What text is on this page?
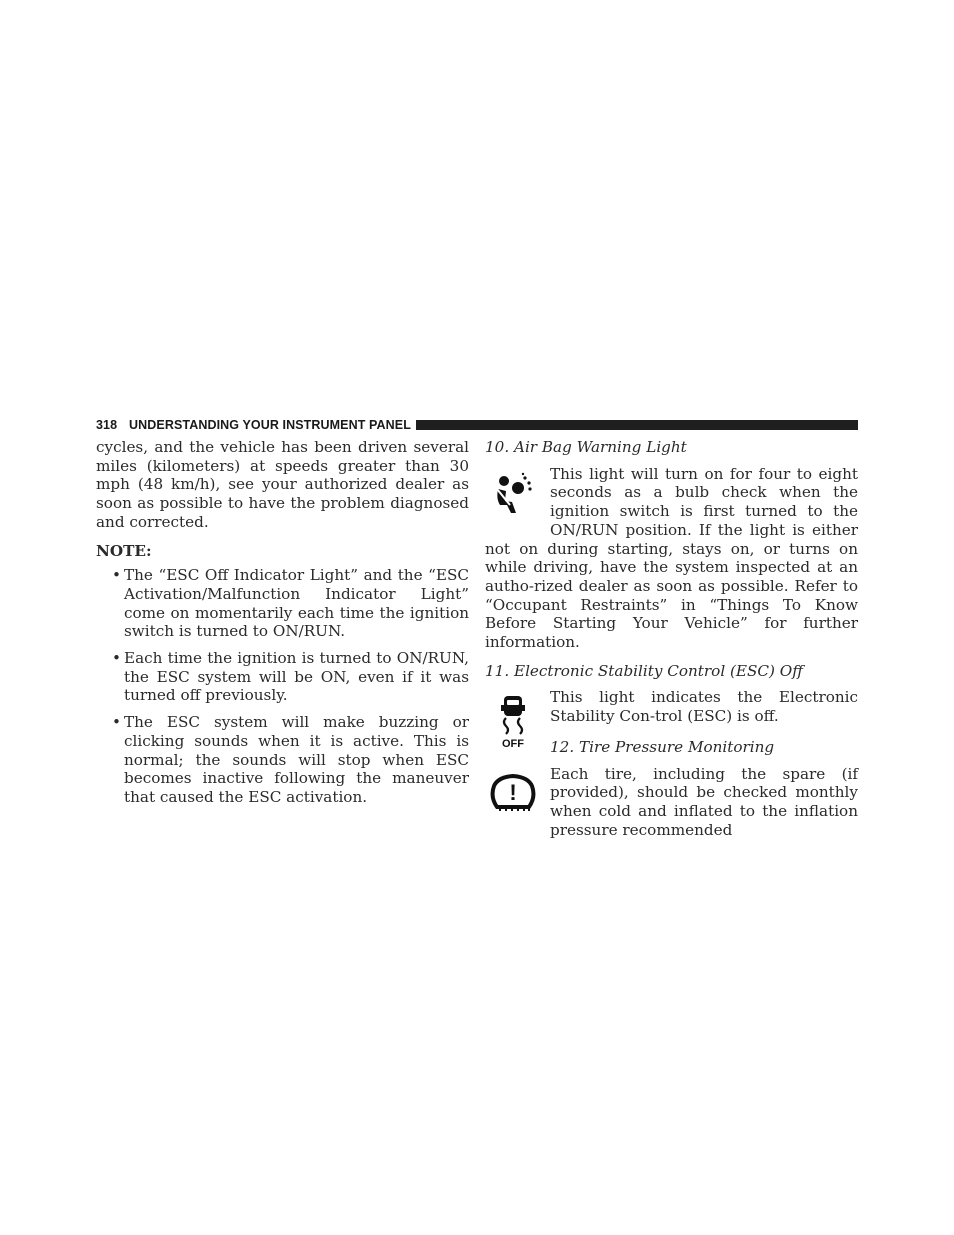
318 UNDERSTANDING YOUR INSTRUMENT PANEL

cycles, and the vehicle has been driven several miles (kilometers) at speeds greater than 30 mph (48 km/h), see your authorized dealer as soon as possible to have the problem diagnosed and corrected.

NOTE:

• The “ESC Off Indicator Light” and the “ESC Activation/Malfunction Indicator Light” come on momentarily each time the ignition switch is turned to ON/RUN.
• Each time the ignition is turned to ON/RUN, the ESC system will be ON, even if it was turned off previously.
• The ESC system will make buzzing or clicking sounds when it is active. This is normal; the sounds will stop when ESC becomes inactive following the maneuver that caused the ESC activation.

10. Air Bag Warning Light

This light will turn on for four to eight seconds as a bulb check when the ignition switch is first turned to the ON/RUN position. If the light is either not on during starting, stays on, or turns on while driving, have the system inspected at an autho-rized dealer as soon as possible. Refer to “Occupant Restraints” in “Things To Know Before Starting Your Vehicle” for further information.

11. Electronic Stability Control (ESC) Off

OFF

This light indicates the Electronic Stability Con-trol (ESC) is off.

12. Tire Pressure Monitoring

!

Each tire, including the spare (if provided), should be checked monthly when cold and inflated to the inflation pressure recommended
